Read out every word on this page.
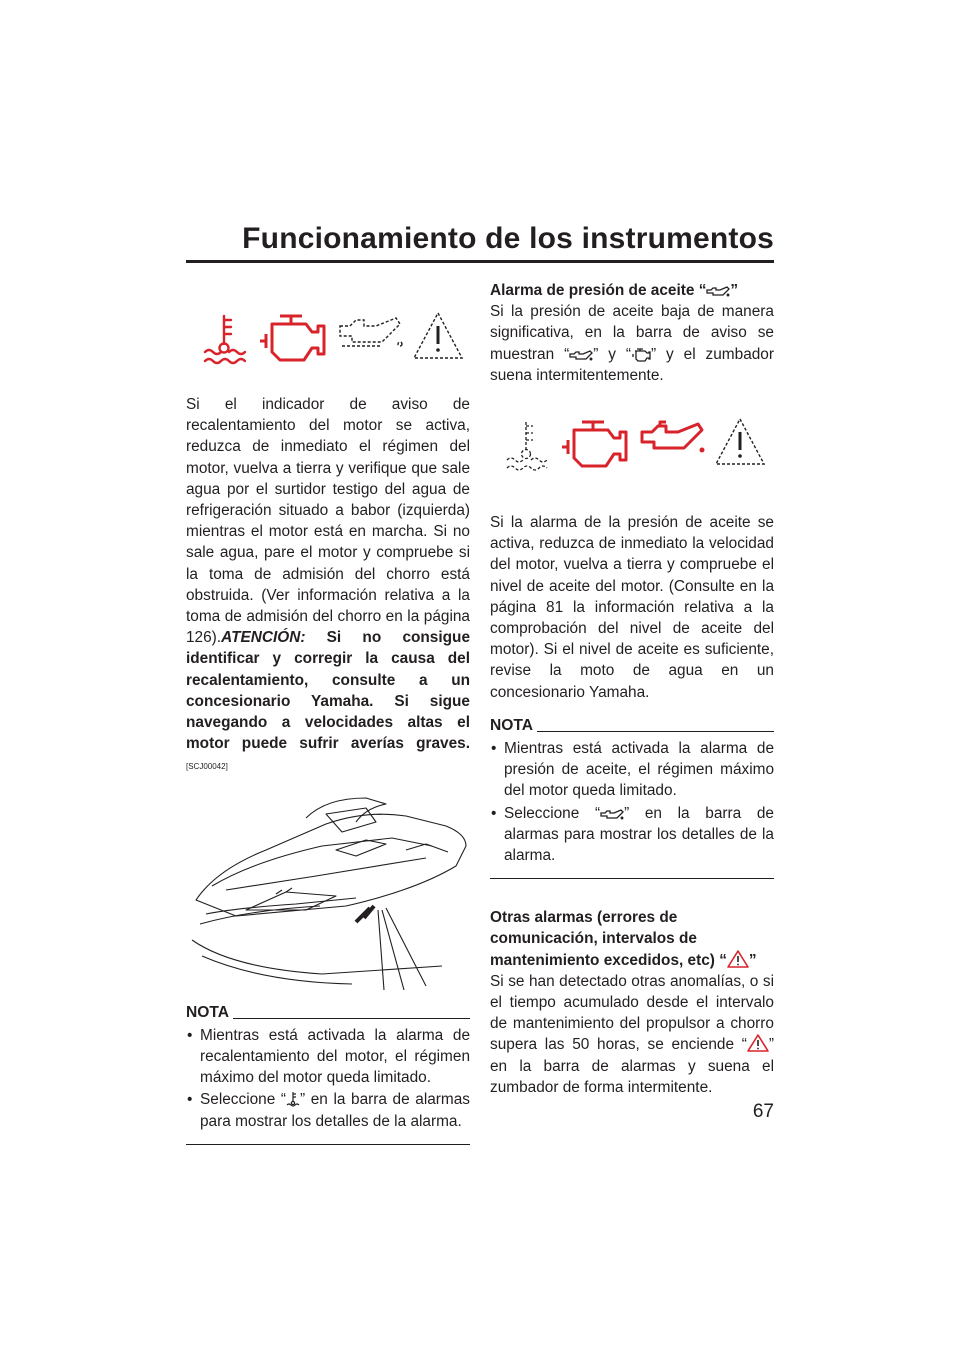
Funcionamiento de los instrumentos

Si el indicador de aviso de recalentamiento del motor se activa, reduzca de inmediato el régimen del motor, vuelva a tierra y verifique que sale agua por el surtidor testigo del agua de refrigeración situado a babor (izquierda) mientras el motor está en marcha. Si no sale agua, pare el motor y compruebe si la toma de admisión del chorro está obstruida. (Ver información relativa a la toma de admisión del chorro en la página 126).ATENCIÓN: Si no consigue identificar y corregir la causa del recalentamiento, consulte a un concesionario Yamaha. Si sigue navegando a velocidades altas el motor puede sufrir averías graves. [SCJ00042]

NOTA
• Mientras está activada la alarma de recalentamiento del motor, el régimen máximo del motor queda limitado.
• Seleccione “ ” en la barra de alarmas para mostrar los detalles de la alarma.

Alarma de presión de aceite “ ”

Si la presión de aceite baja de manera significativa, en la barra de aviso se muestran “ ” y “ ” y el zumbador suena intermitentemente.

Si la alarma de la presión de aceite se activa, reduzca de inmediato la velocidad del motor, vuelva a tierra y compruebe el nivel de aceite del motor. (Consulte en la página 81 la información relativa a la comprobación del nivel de aceite del motor). Si el nivel de aceite es suficiente, revise la moto de agua en un concesionario Yamaha.

NOTA
• Mientras está activada la alarma de presión de aceite, el régimen máximo del motor queda limitado.
• Seleccione “ ” en la barra de alarmas para mostrar los detalles de la alarma.

Otras alarmas (errores de comunicación, intervalos de mantenimiento excedidos, etc) “ ”

Si se han detectado otras anomalías, o si el tiempo acumulado desde el intervalo de mantenimiento del propulsor a chorro supera las 50 horas, se enciende “ ” en la barra de alarmas y suena el zumbador de forma intermitente.

67
